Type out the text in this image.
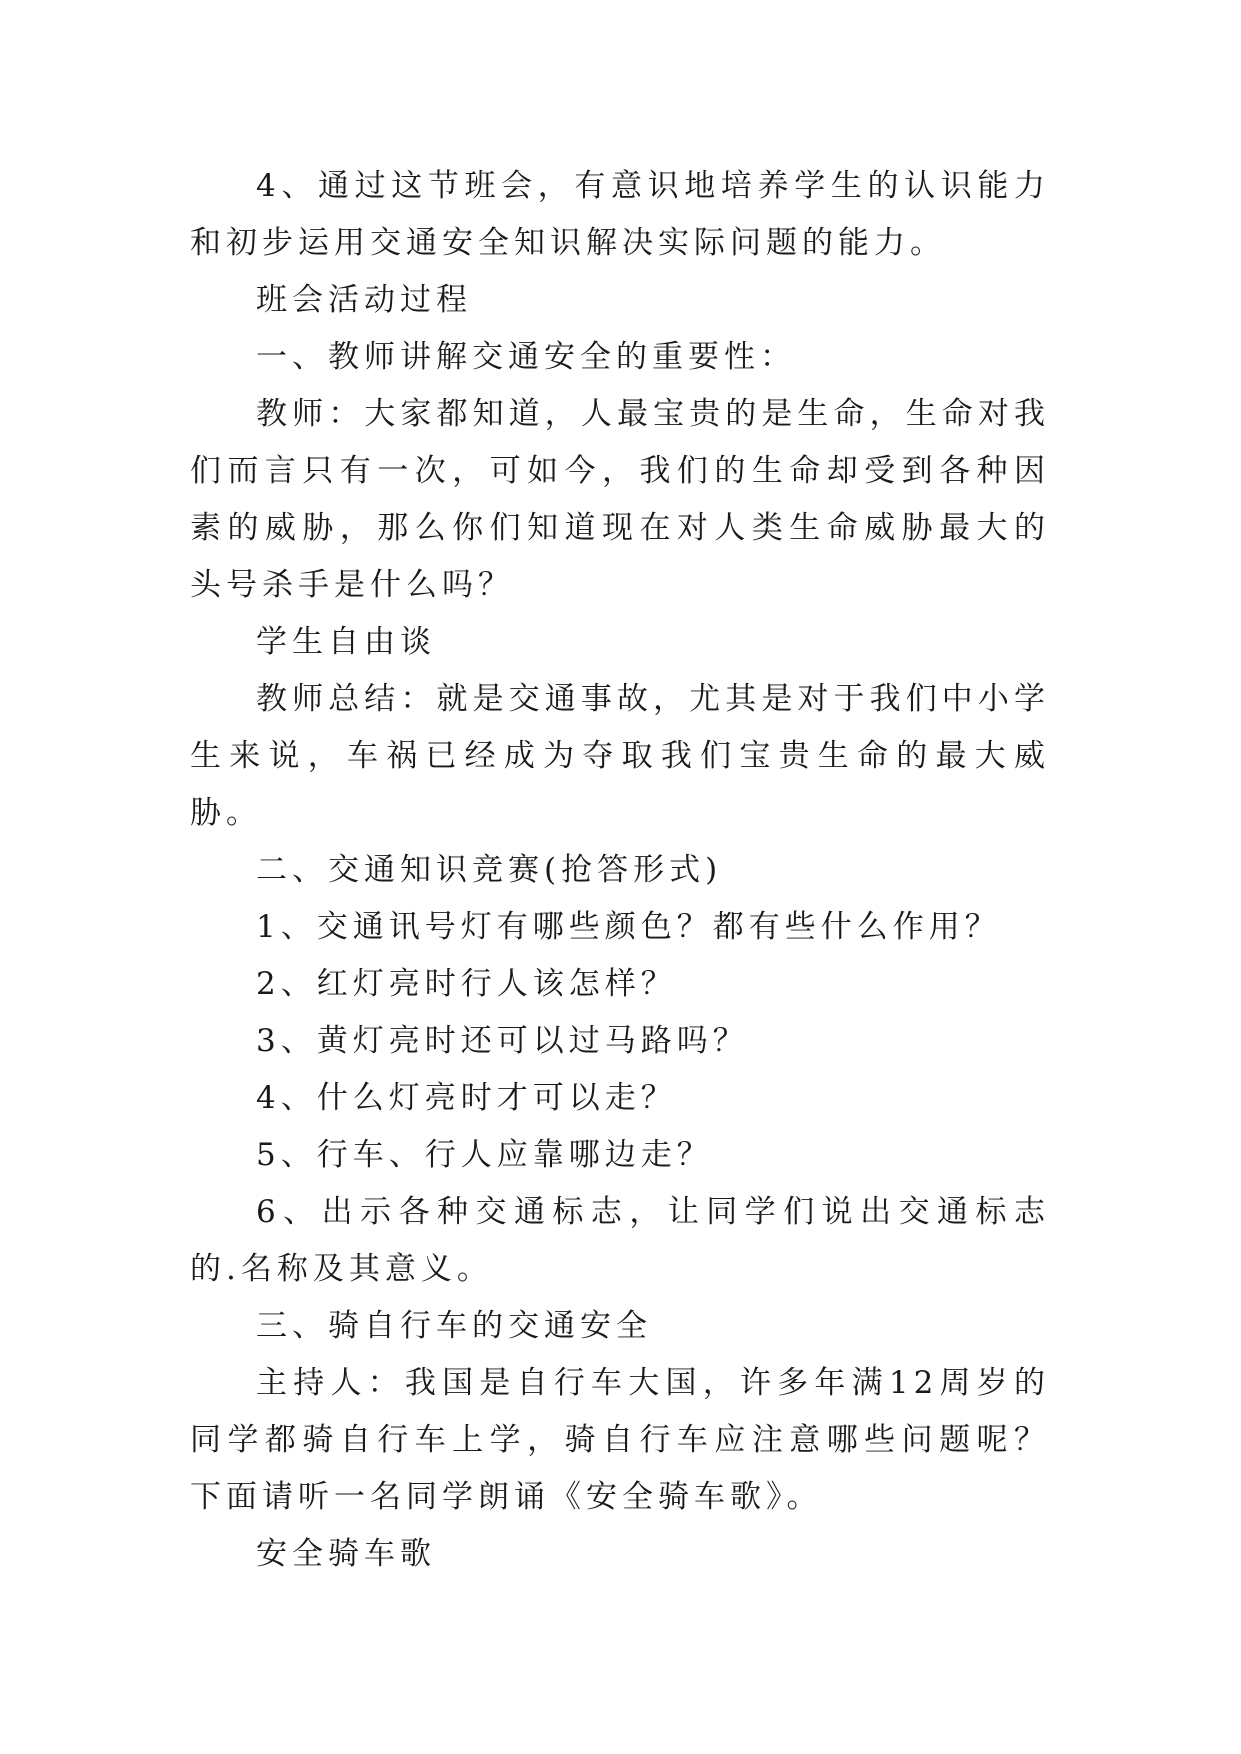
4、通过这节班会，有意识地培养学生的认识能力和初步运用交通安全知识解决实际问题的能力。

班会活动过程

一、教师讲解交通安全的重要性：

教师：大家都知道，人最宝贵的是生命，生命对我们而言只有一次，可如今，我们的生命却受到各种因素的威胁，那么你们知道现在对人类生命威胁最大的头号杀手是什么吗？

学生自由谈

教师总结：就是交通事故，尤其是对于我们中小学生来说，车祸已经成为夺取我们宝贵生命的最大威胁。

二、交通知识竞赛(抢答形式)

1、交通讯号灯有哪些颜色？都有些什么作用？

2、红灯亮时行人该怎样？

3、黄灯亮时还可以过马路吗？

4、什么灯亮时才可以走？

5、行车、行人应靠哪边走？

6、出示各种交通标志，让同学们说出交通标志的.名称及其意义。

三、骑自行车的交通安全

主持人：我国是自行车大国，许多年满12周岁的同学都骑自行车上学，骑自行车应注意哪些问题呢？下面请听一名同学朗诵《安全骑车歌》。

安全骑车歌
